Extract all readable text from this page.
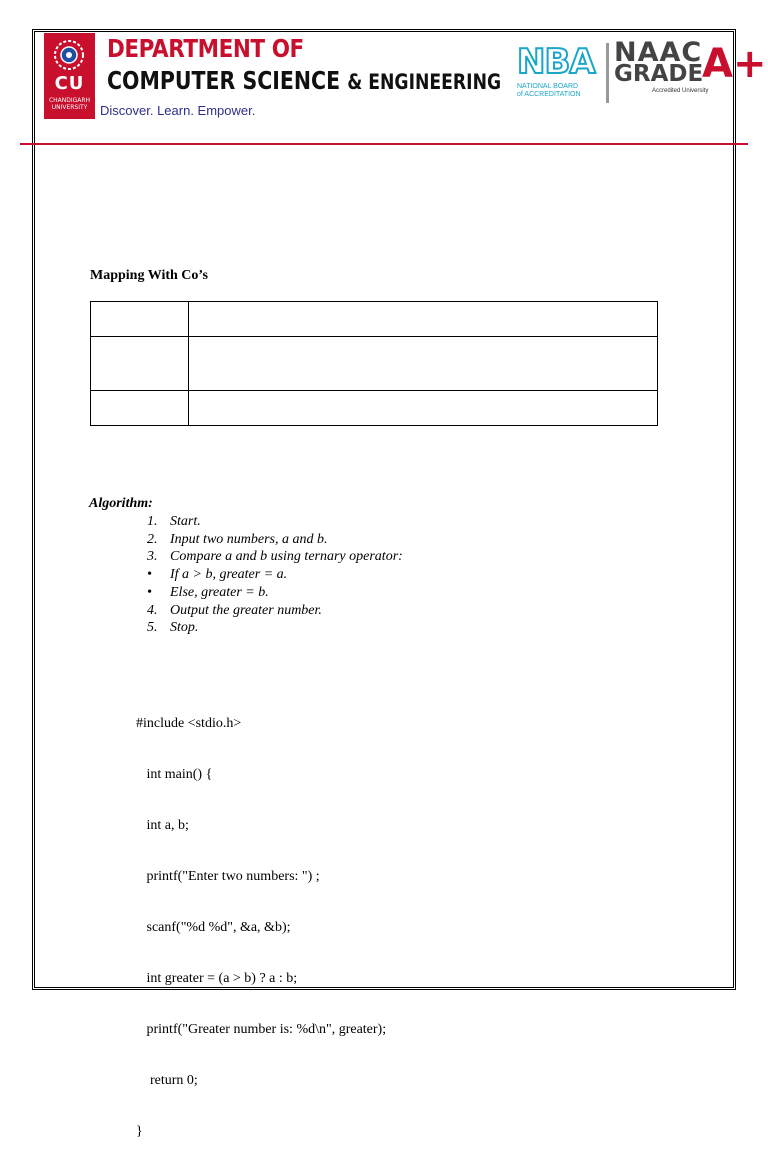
CU
CHANDIGARH UNIVERSITY
DEPARTMENT OF
COMPUTER SCIENCE & ENGINEERING
Discover. Learn. Empower.
NBA
NATIONAL BOARD
of ACCREDITATION
NAAC
GRADE
A+
Accredited University
Mapping With Co’s

Algorithm:
1. Start.
2. Input two numbers, a and b.
3. Compare a and b using ternary operator:
• If a > b, greater = a.
• Else, greater = b.
4. Output the greater number.
5. Stop.

#include <stdio.h>

int main() {

int a, b;

printf("Enter two numbers: ") ;

scanf("%d %d", &a, &b);

int greater = (a > b) ? a : b;

printf("Greater number is: %d\n", greater);

return 0;

}
